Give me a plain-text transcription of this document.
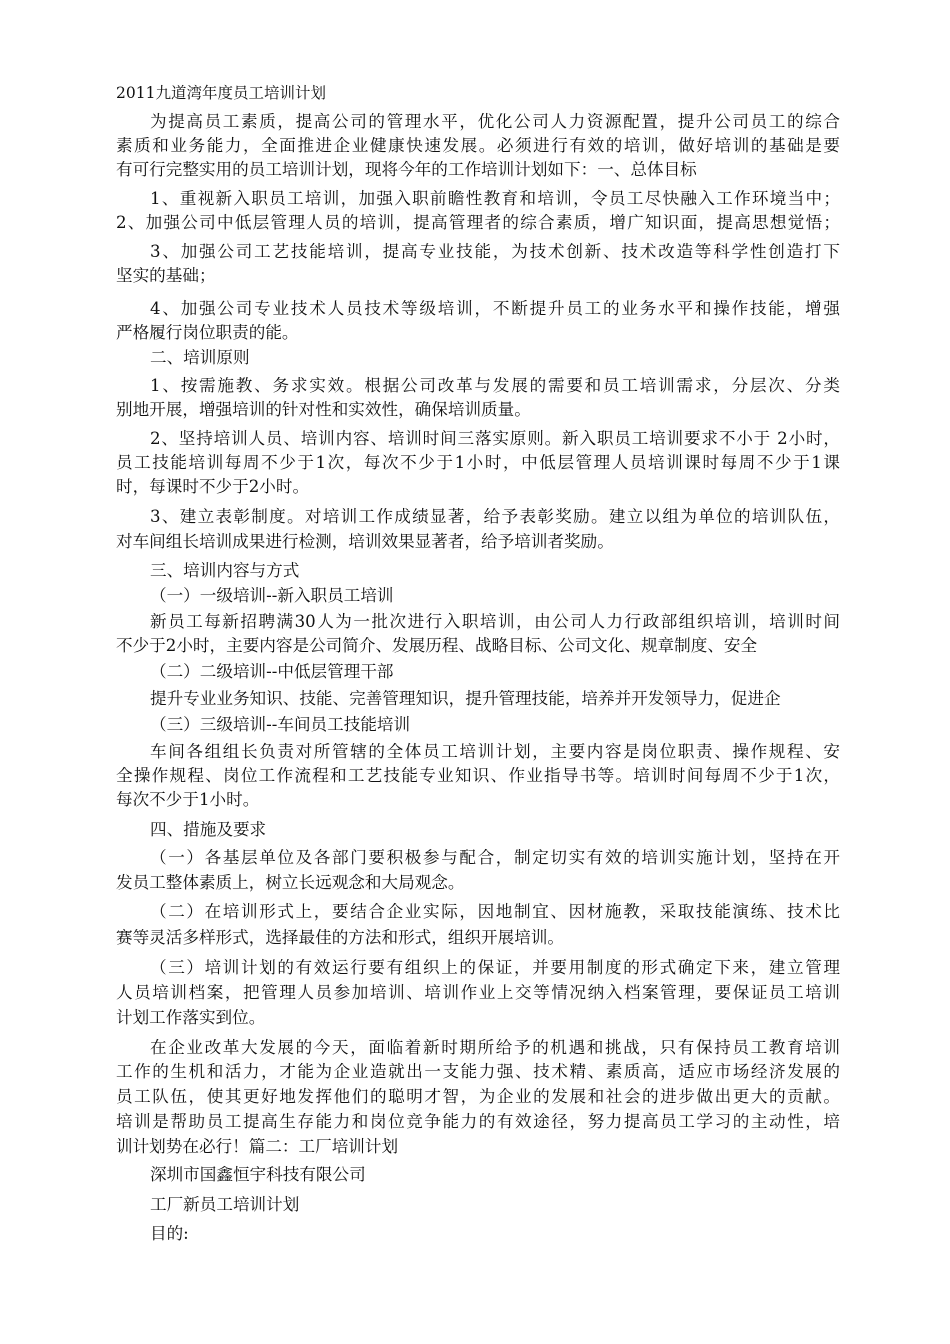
2011九道湾年度员工培训计划
为提高员工素质，提高公司的管理水平，优化公司人力资源配置，提升公司员工的综合
素质和业务能力，全面推进企业健康快速发展。必须进行有效的培训，做好培训的基础是要
有可行完整实用的员工培训计划，现将今年的工作培训计划如下：一、总体目标
1、重视新入职员工培训，加强入职前瞻性教育和培训，令员工尽快融入工作环境当中；
2、加强公司中低层管理人员的培训，提高管理者的综合素质，增广知识面，提高思想觉悟；
3、加强公司工艺技能培训，提高专业技能，为技术创新、技术改造等科学性创造打下
坚实的基础；
4、加强公司专业技术人员技术等级培训，不断提升员工的业务水平和操作技能，增强
严格履行岗位职责的能。
二、培训原则
1、按需施教、务求实效。根据公司改革与发展的需要和员工培训需求，分层次、分类
别地开展，增强培训的针对性和实效性，确保培训质量。
2、坚持培训人员、培训内容、培训时间三落实原则。新入职员工培训要求不小于 2小时，
员工技能培训每周不少于1次，每次不少于1小时，中低层管理人员培训课时每周不少于1课
时，每课时不少于2小时。
3、建立表彰制度。对培训工作成绩显著，给予表彰奖励。建立以组为单位的培训队伍，
对车间组长培训成果进行检测，培训效果显著者，给予培训者奖励。
三、培训内容与方式
（一）一级培训--新入职员工培训
新员工每新招聘满30人为一批次进行入职培训，由公司人力行政部组织培训，培训时间
不少于2小时，主要内容是公司简介、发展历程、战略目标、公司文化、规章制度、安全
（二）二级培训--中低层管理干部
提升专业业务知识、技能、完善管理知识，提升管理技能，培养并开发领导力，促进企
（三）三级培训--车间员工技能培训
车间各组组长负责对所管辖的全体员工培训计划，主要内容是岗位职责、操作规程、安
全操作规程、岗位工作流程和工艺技能专业知识、作业指导书等。培训时间每周不少于1次，
每次不少于1小时。
四、措施及要求
（一）各基层单位及各部门要积极参与配合，制定切实有效的培训实施计划，坚持在开
发员工整体素质上，树立长远观念和大局观念。
（二）在培训形式上，要结合企业实际，因地制宜、因材施教，采取技能演练、技术比
赛等灵活多样形式，选择最佳的方法和形式，组织开展培训。
（三）培训计划的有效运行要有组织上的保证，并要用制度的形式确定下来，建立管理
人员培训档案，把管理人员参加培训、培训作业上交等情况纳入档案管理，要保证员工培训
计划工作落实到位。
在企业改革大发展的今天，面临着新时期所给予的机遇和挑战，只有保持员工教育培训
工作的生机和活力，才能为企业造就出一支能力强、技术精、素质高，适应市场经济发展的
员工队伍，使其更好地发挥他们的聪明才智，为企业的发展和社会的进步做出更大的贡献。
培训是帮助员工提高生存能力和岗位竞争能力的有效途径，努力提高员工学习的主动性，培
训计划势在必行！篇二：工厂培训计划
深圳市国鑫恒宇科技有限公司
工厂新员工培训计划
目的:
